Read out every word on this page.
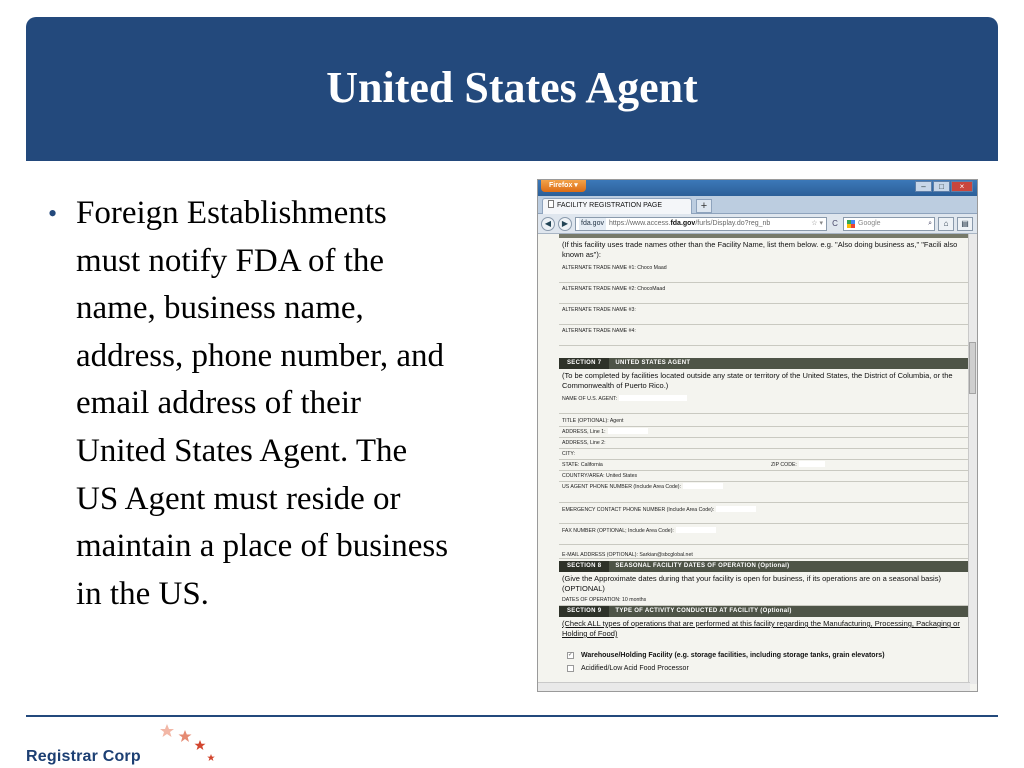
United States Agent
• Foreign Establishments must notify FDA of the name, business name, address, phone number, and email address of their United States Agent. The US Agent must reside or maintain a place of business in the US.
Firefox ▾	–	□	×
FACILITY REGISTRATION PAGE	+
◀	▶	fda.gov https://www.access.fda.gov/furls/Display.do?reg_nb	☆ ▾	C	Google	⌕	⌂	▤
(If this facility uses trade names other than the Facility Name, list them below. e.g. "Also doing business as," "Facili also known as"):
ALTERNATE TRADE NAME #1: Choco Maad
ALTERNATE TRADE NAME #2: ChocoMaad
ALTERNATE TRADE NAME #3:
ALTERNATE TRADE NAME #4:
SECTION 7	UNITED STATES AGENT
(To be completed by facilities located outside any state or territory of the United States, the District of Columbia, or the Commonwealth of Puerto Rico.)
NAME OF U.S. AGENT:
TITLE (OPTIONAL): Agent
ADDRESS, Line 1:
ADDRESS, Line 2:
CITY:
STATE: California	ZIP CODE:
COUNTRY/AREA: United States
US AGENT PHONE NUMBER (Include Area Code):
EMERGENCY CONTACT PHONE NUMBER (Include Area Code):
FAX NUMBER (OPTIONAL; Include Area Code):
E-MAIL ADDRESS (OPTIONAL): Sarkian@sbcglobal.net
SECTION 8	SEASONAL FACILITY DATES OF OPERATION (Optional)
(Give the Approximate dates during that your facility is open for business, if its operations are on a seasonal basis) (OPTIONAL)
DATES OF OPERATION: 10 months
SECTION 9	TYPE OF ACTIVITY CONDUCTED AT FACILITY (Optional)
(Check ALL types of operations that are performed at this facility regarding the Manufacturing, Processing, Packaging or Holding of Food)
✓ Warehouse/Holding Facility (e.g. storage facilities, including storage tanks, grain elevators)
Acidified/Low Acid Food Processor
Registrar Corp
